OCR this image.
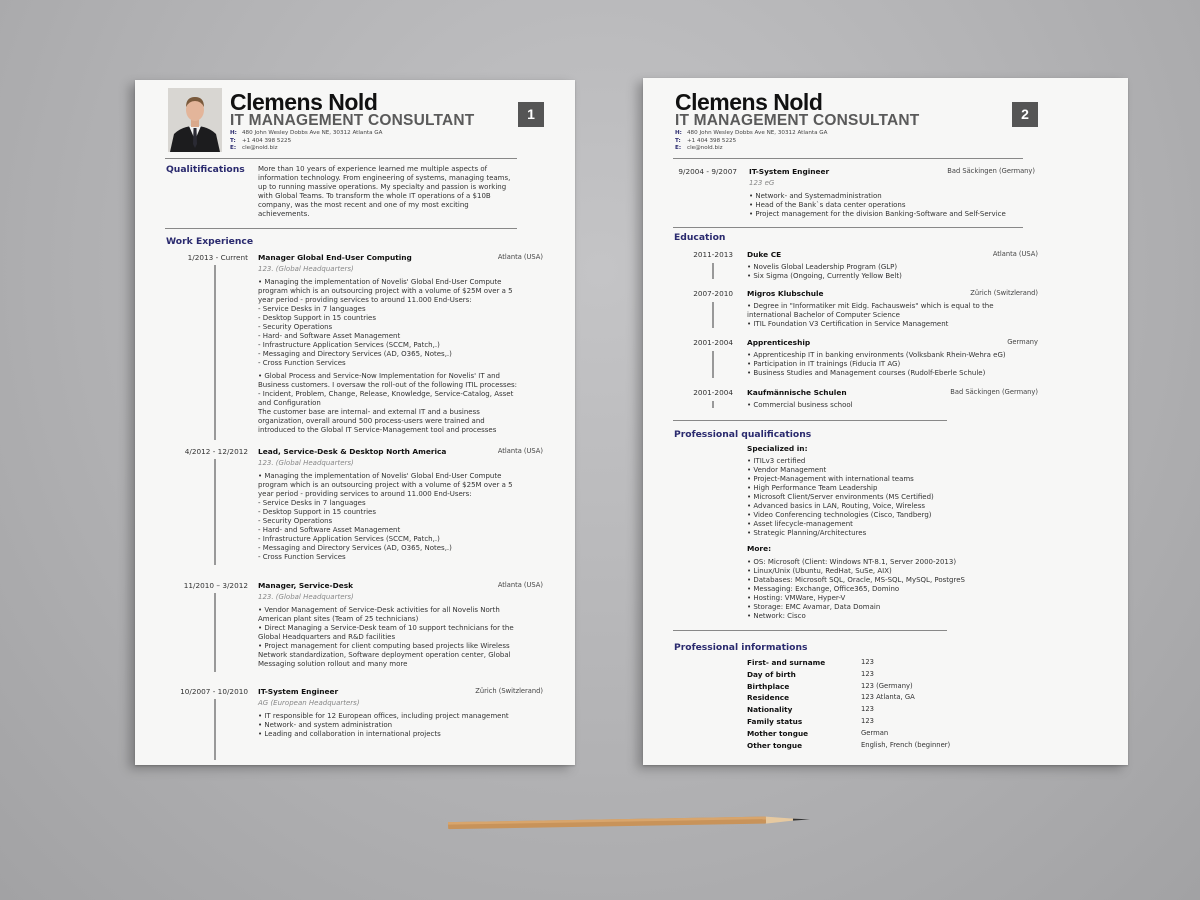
Clemens Nold
IT MANAGEMENT CONSULTANT
H: 480 John Wesley Dobbs Ave NE, 30312 Atlanta GA
T: +1 404 398 5225
E: cle@nold.biz
1
Qualitifications More than 10 years of experience learned me multiple aspects of information technology. From engineering of systems, managing teams, up to running massive operations. My specialty and passion is working with Global Teams. To transform the whole IT operations of a $10B company, was the most recent and one of my most exciting achievements.
Work Experience
1/2013 - Current Manager Global End-User Computing	Atlanta (USA)
123. (Global Headquarters)
• Managing the implementation of Novelis' Global End-User Compute program which is an outsourcing project with a volume of $25M over a 5 year period - providing services to around 11.000 End-Users:
- Service Desks in 7 languages
- Desktop Support in 15 countries
- Security Operations
- Hard- and Software Asset Management
- Infrastructure Application Services (SCCM, Patch,.)
- Messaging and Directory Services (AD, O365, Notes,.)
- Cross Function Services
• Global Process and Service-Now Implementation for Novelis' IT and Business customers. I oversaw the roll-out of the following ITIL processes:
- Incident, Problem, Change, Release, Knowledge, Service-Catalog, Asset and Configuration
The customer base are internal- and external IT and a business organization, overall around 500 process-users were trained and introduced to the Global IT Service-Management tool and processes
4/2012 - 12/2012 Lead, Service-Desk & Desktop North America	Atlanta (USA)
123. (Global Headquarters)
• Managing the implementation of Novelis' Global End-User Compute program which is an outsourcing project with a volume of $25M over a 5 year period - providing services to around 11.000 End-Users:
- Service Desks in 7 languages
- Desktop Support in 15 countries
- Security Operations
- Hard- and Software Asset Management
- Infrastructure Application Services (SCCM, Patch,.)
- Messaging and Directory Services (AD, O365, Notes,.)
- Cross Function Services
11/2010 – 3/2012 Manager, Service-Desk	Atlanta (USA)
123. (Global Headquarters)
• Vendor Management of Service-Desk activities for all Novelis North American plant sites (Team of 25 technicians)
• Direct Managing a Service-Desk team of 10 support technicians for the Global Headquarters and R&D facilities
• Project management for client computing based projects like Wireless Network standardization, Software deployment operation center, Global Messaging solution rollout and many more
10/2007 - 10/2010 IT-System Engineer	Zürich (Switzlerand)
AG (European Headquarters)
• IT responsible for 12 European offices, including project management
• Network- and system administration
• Leading and collaboration in international projects
Clemens Nold
IT MANAGEMENT CONSULTANT
H: 480 John Wesley Dobbs Ave NE, 30312 Atlanta GA
T: +1 404 398 5225
E: cle@nold.biz
2
9/2004 - 9/2007 IT-System Engineer	Bad Säckingen (Germany)
123 eG
• Network- and Systemadministration
• Head of the Bank`s data center operations
• Project management for the division Banking-Software and Self-Service
Education
2011-2013 Duke CE	Atlanta (USA)
• Novelis Global Leadership Program (GLP)
• Six Sigma (Ongoing, Currently Yellow Belt)
2007-2010 Migros Klubschule	Zürich (Switzlerand)
• Degree in "Informatiker mit Eidg. Fachausweis" which is equal to the international Bachelor of Computer Science
• ITIL Foundation V3 Certification in Service Management
2001-2004 Apprenticeship	Germany
• Apprenticeship IT in banking environments (Volksbank Rhein-Wehra eG)
• Participation in IT trainings (Fiducia IT AG)
• Business Studies and Management courses (Rudolf-Eberle Schule)
2001-2004 Kaufmännische Schulen	Bad Säckingen (Germany)
• Commercial business school
Professional qualifications
Specialized in:
• ITILv3 certified
• Vendor Management
• Project-Management with international teams
• High Performance Team Leadership
• Microsoft Client/Server environments (MS Certified)
• Advanced basics in LAN, Routing, Voice, Wireless
• Video Conferencing technologies (Cisco, Tandberg)
• Asset lifecycle-management
• Strategic Planning/Architectures
More:
• OS: Microsoft (Client: Windows NT-8.1, Server 2000-2013)
• Linux/Unix (Ubuntu, RedHat, SuSe, AIX)
• Databases: Microsoft SQL, Oracle, MS-SQL, MySQL, PostgreS
• Messaging: Exchange, Office365, Domino
• Hosting: VMWare, Hyper-V
• Storage: EMC Avamar, Data Domain
• Network: Cisco
Professional informations
First- and surname	123
Day of birth	123
Birthplace	123 (Germany)
Residence	123 Atlanta, GA
Nationality	123
Family status	123
Mother tongue	German
Other tongue	English, French (beginner)
